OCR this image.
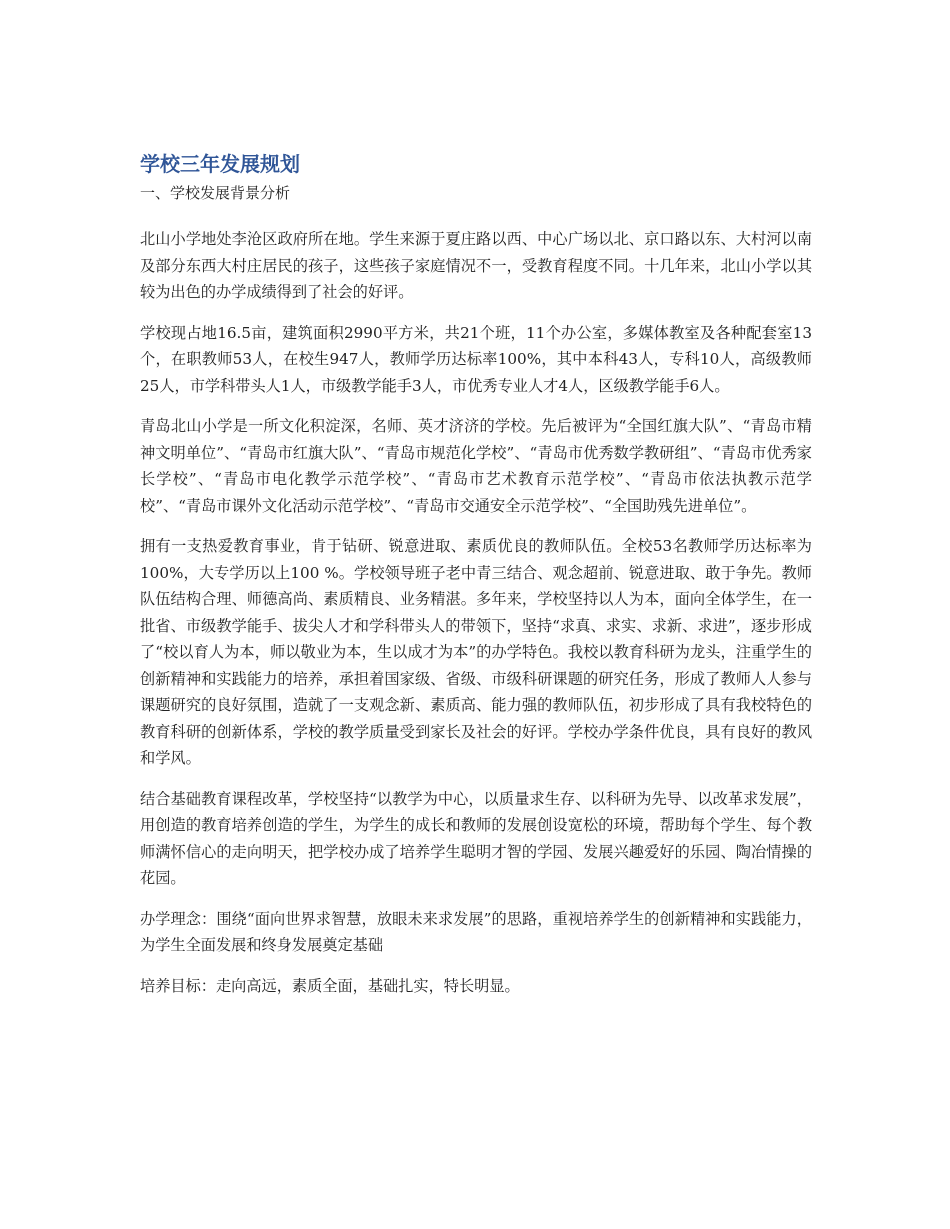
学校三年发展规划
一、学校发展背景分析

北山小学地处李沧区政府所在地。学生来源于夏庄路以西、中心广场以北、京口路以东、大村河以南及部分东西大村庄居民的孩子，这些孩子家庭情况不一，受教育程度不同。十几年来，北山小学以其较为出色的办学成绩得到了社会的好评。

学校现占地16.5亩，建筑面积2990平方米，共21个班，11个办公室，多媒体教室及各种配套室13个，在职教师53人，在校生947人，教师学历达标率100%，其中本科43人，专科10人，高级教师25人，市学科带头人1人，市级教学能手3人，市优秀专业人才4人，区级教学能手6人。

青岛北山小学是一所文化积淀深，名师、英才济济的学校。先后被评为“全国红旗大队”、“青岛市精神文明单位”、“青岛市红旗大队”、“青岛市规范化学校”、“青岛市优秀数学教研组”、“青岛市优秀家长学校”、“青岛市电化教学示范学校”、“青岛市艺术教育示范学校”、“青岛市依法执教示范学校”、“青岛市课外文化活动示范学校”、“青岛市交通安全示范学校”、“全国助残先进单位”。

拥有一支热爱教育事业，肯于钻研、锐意进取、素质优良的教师队伍。全校53名教师学历达标率为100%，大专学历以上100 %。学校领导班子老中青三结合、观念超前、锐意进取、敢于争先。教师队伍结构合理、师德高尚、素质精良、业务精湛。多年来，学校坚持以人为本，面向全体学生，在一批省、市级教学能手、拔尖人才和学科带头人的带领下，坚持“求真、求实、求新、求进”，逐步形成了“校以育人为本，师以敬业为本，生以成才为本”的办学特色。我校以教育科研为龙头，注重学生的创新精神和实践能力的培养，承担着国家级、省级、市级科研课题的研究任务，形成了教师人人参与课题研究的良好氛围，造就了一支观念新、素质高、能力强的教师队伍，初步形成了具有我校特色的教育科研的创新体系，学校的教学质量受到家长及社会的好评。学校办学条件优良，具有良好的教风和学风。

结合基础教育课程改革，学校坚持“以教学为中心，以质量求生存、以科研为先导、以改革求发展”，用创造的教育培养创造的学生，为学生的成长和教师的发展创设宽松的环境，帮助每个学生、每个教师满怀信心的走向明天，把学校办成了培养学生聪明才智的学园、发展兴趣爱好的乐园、陶冶情操的花园。

办学理念：围绕“面向世界求智慧，放眼未来求发展”的思路，重视培养学生的创新精神和实践能力，为学生全面发展和终身发展奠定基础

培养目标：走向高远，素质全面，基础扎实，特长明显。
